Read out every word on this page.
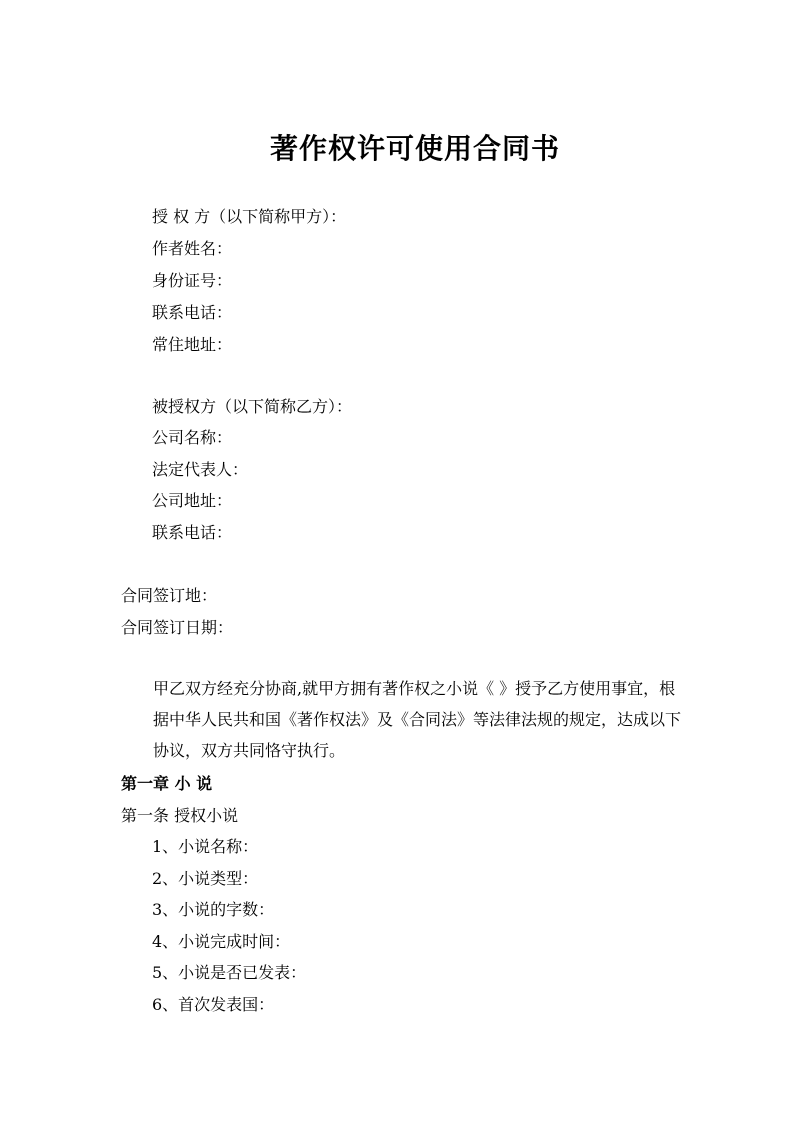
著作权许可使用合同书
授 权 方（以下简称甲方）：
作者姓名：
身份证号：
联系电话：
常住地址：
被授权方（以下简称乙方）：
公司名称：
法定代表人：
公司地址：
联系电话：
合同签订地：
合同签订日期：
甲乙双方经充分协商,就甲方拥有著作权之小说《 》授予乙方使用事宜，根据中华人民共和国《著作权法》及《合同法》等法律法规的规定，达成以下协议，双方共同恪守执行。
第一章 小 说
第一条 授权小说
1、小说名称：
2、小说类型：
3、小说的字数：
4、小说完成时间：
5、小说是否已发表：
6、首次发表国：
